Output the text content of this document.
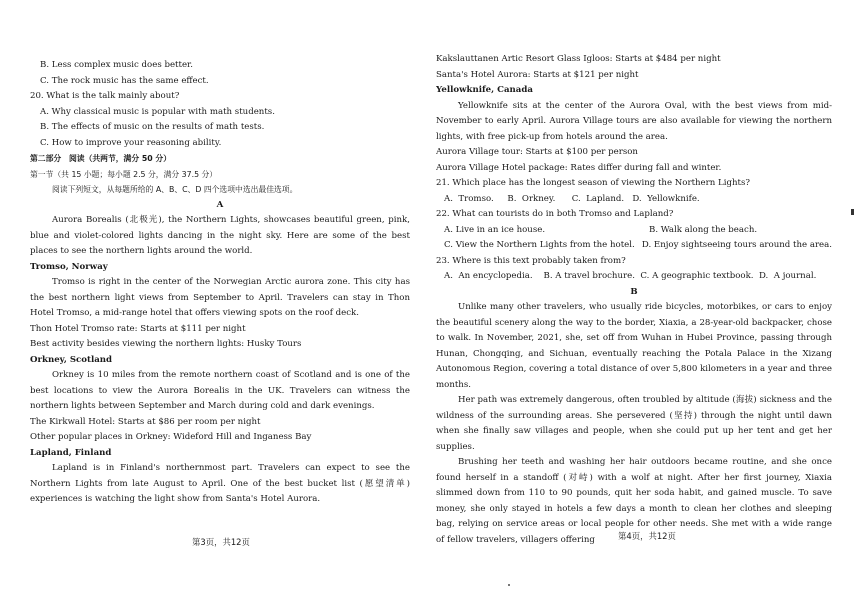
B. Less complex music does better.
C. The rock music has the same effect.
20. What is the talk mainly about?
A. Why classical music is popular with math students.
B. The effects of music on the results of math tests.
C. How to improve your reasoning ability.
第二部分　阅读（共两节，满分 50 分）
第一节（共 15 小题；每小题 2.5 分，满分 37.5 分）
阅读下列短文，从每题所给的 A、B、C、D 四个选项中选出最佳选项。
A
Aurora Borealis (北极光), the Northern Lights, showcases beautiful green, pink, blue and violet-colored lights dancing in the night sky. Here are some of the best places to see the northern lights around the world.
Tromso, Norway
Tromso is right in the center of the Norwegian Arctic aurora zone. This city has the best northern light views from September to April. Travelers can stay in Thon Hotel Tromso, a mid-range hotel that offers viewing spots on the roof deck.
Thon Hotel Tromso rate: Starts at $111 per night
Best activity besides viewing the northern lights: Husky Tours
Orkney, Scotland
Orkney is 10 miles from the remote northern coast of Scotland and is one of the best locations to view the Aurora Borealis in the UK. Travelers can witness the northern lights between September and March during cold and dark evenings.
The Kirkwall Hotel: Starts at $86 per room per night
Other popular places in Orkney: Wideford Hill and Inganess Bay
Lapland, Finland
Lapland is in Finland's northernmost part. Travelers can expect to see the Northern Lights from late August to April. One of the best bucket list (愿望清单) experiences is watching the light show from Santa's Hotel Aurora.
第3页，共12页
Kakslauttanen Artic Resort Glass Igloos: Starts at $484 per night
Santa's Hotel Aurora: Starts at $121 per night
Yellowknife, Canada
Yellowknife sits at the center of the Aurora Oval, with the best views from mid-November to early April. Aurora Village tours are also available for viewing the northern lights, with free pick-up from hotels around the area.
Aurora Village tour: Starts at $100 per person
Aurora Village Hotel package: Rates differ during fall and winter.
21. Which place has the longest season of viewing the Northern Lights?
A.  Tromso.     B.  Orkney.      C.  Lapland.   D.  Yellowknife.
22. What can tourists do in both Tromso and Lapland?
A. Live in an ice house.	B. Walk along the beach.
C. View the Northern Lights from the hotel. D. Enjoy sightseeing tours around the area.
23. Where is this text probably taken from?
A.  An encyclopedia.    B. A travel brochure.  C. A geographic textbook.  D.  A journal.
B
Unlike many other travelers, who usually ride bicycles, motorbikes, or cars to enjoy the beautiful scenery along the way to the border, Xiaxia, a 28-year-old backpacker, chose to walk. In November, 2021, she, set off from Wuhan in Hubei Province, passing through Hunan, Chongqing, and Sichuan, eventually reaching the Potala Palace in the Xizang Autonomous Region, covering a total distance of over 5,800 kilometers in a year and three months.
Her path was extremely dangerous, often troubled by altitude (海拔) sickness and the wildness of the surrounding areas. She persevered (坚持) through the night until dawn when she finally saw villages and people, when she could put up her tent and get her supplies.
Brushing her teeth and washing her hair outdoors became routine, and she once found herself in a standoff (对峙) with a wolf at night. After her first journey, Xiaxia slimmed down from 110 to 90 pounds, quit her soda habit, and gained muscle. To save money, she only stayed in hotels a few days a month to clean her clothes and sleeping bag, relying on service areas or local people for other needs. She met with a wide range of fellow travelers, villagers offering	第4页，共12页
